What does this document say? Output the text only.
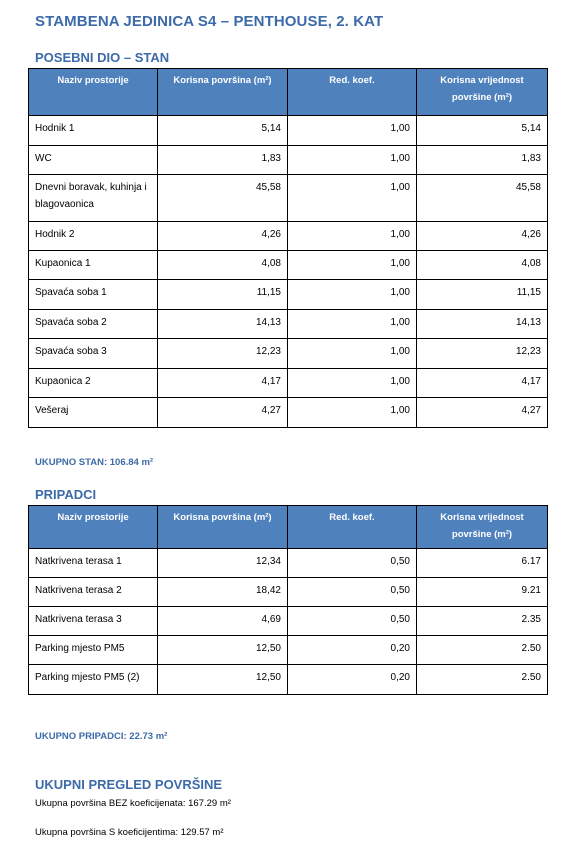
STAMBENA JEDINICA S4 – PENTHOUSE, 2. KAT
POSEBNI DIO – STAN
Naziv prostorije	Korisna površina (m²)	Red. koef.	Korisna vrijednost površine (m²)
Hodnik 1	5,14	1,00	5,14
WC	1,83	1,00	1,83
Dnevni boravak, kuhinja i blagovaonica	45,58	1,00	45,58
Hodnik 2	4,26	1,00	4,26
Kupaonica 1	4,08	1,00	4,08
Spavaća soba 1	11,15	1,00	11,15
Spavaća soba 2	14,13	1,00	14,13
Spavaća soba 3	12,23	1,00	12,23
Kupaonica 2	4,17	1,00	4,17
Vešeraj	4,27	1,00	4,27
UKUPNO STAN: 106.84 m²
PRIPADCI
Naziv prostorije	Korisna površina (m²)	Red. koef.	Korisna vrijednost površine (m²)
Natkrivena terasa 1	12,34	0,50	6.17
Natkrivena terasa 2	18,42	0,50	9.21
Natkrivena terasa 3	4,69	0,50	2.35
Parking mjesto PM5	12,50	0,20	2.50
Parking mjesto PM5 (2)	12,50	0,20	2.50
UKUPNO PRIPADCI: 22.73 m²
UKUPNI PREGLED POVRŠINE
Ukupna površina BEZ koeficijenata: 167.29 m²
Ukupna površina S koeficijentima: 129.57 m²
